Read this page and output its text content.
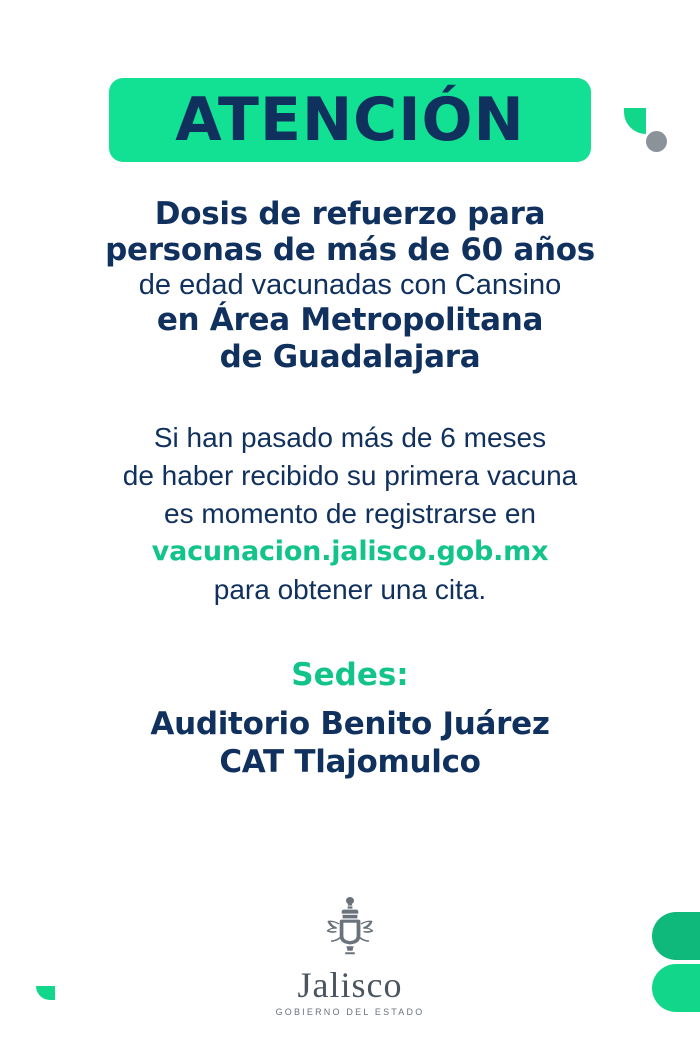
ATENCIÓN
Dosis de refuerzo para
personas de más de 60 años
de edad vacunadas con Cansino
en Área Metropolitana
de Guadalajara
Si han pasado más de 6 meses
de haber recibido su primera vacuna
es momento de registrarse en
vacunacion.jalisco.gob.mx
para obtener una cita.
Sedes:
Auditorio Benito Juárez
CAT Tlajomulco
Jalisco
GOBIERNO DEL ESTADO
